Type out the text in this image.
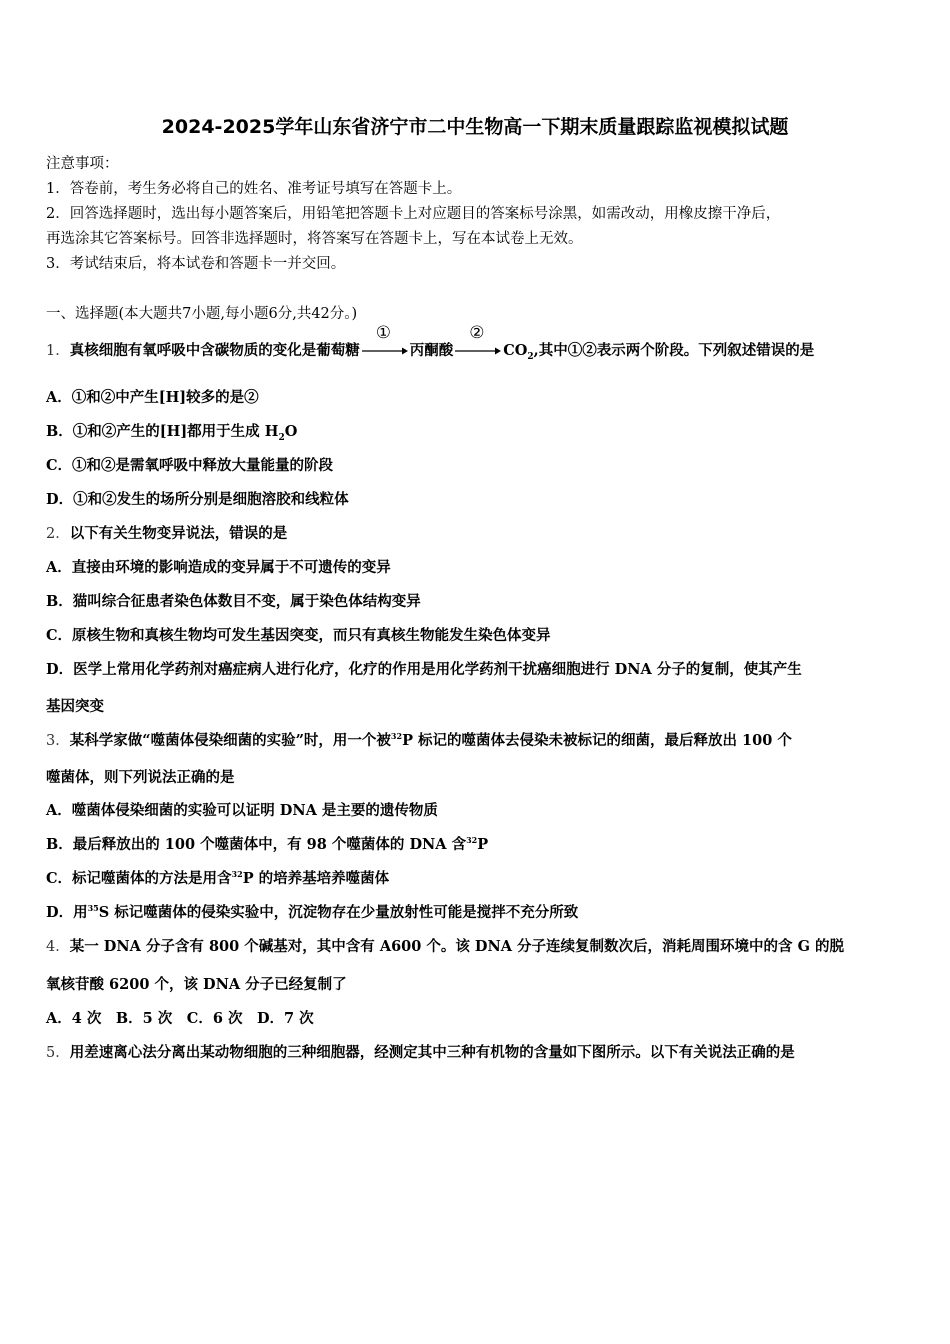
2024-2025学年山东省济宁市二中生物高一下期末质量跟踪监视模拟试题
注意事项：
1．答卷前，考生务必将自己的姓名、准考证号填写在答题卡上。
2．回答选择题时，选出每小题答案后，用铅笔把答题卡上对应题目的答案标号涂黑，如需改动，用橡皮擦干净后，
再选涂其它答案标号。回答非选择题时，将答案写在答题卡上，写在本试卷上无效。
3．考试结束后，将本试卷和答题卡一并交回。
一、选择题(本大题共7小题,每小题6分,共42分。)
1．真核细胞有氧呼吸中含碳物质的变化是葡萄糖
①
丙酮酸
②
$CO_2$,其中①②表示两个阶段。下列叙述错误的是
A．①和②中产生[H]较多的是②
B．①和②产生的[H]都用于生成 $H_2O$
C．①和②是需氧呼吸中释放大量能量的阶段
D．①和②发生的场所分别是细胞溶胶和线粒体
2．以下有关生物变异说法，错误的是
A．直接由环境的影响造成的变异属于不可遗传的变异
B．猫叫综合征患者染色体数目不变，属于染色体结构变异
C．原核生物和真核生物均可发生基因突变，而只有真核生物能发生染色体变异
D．医学上常用化学药剂对癌症病人进行化疗，化疗的作用是用化学药剂干扰癌细胞进行 DNA 分子的复制，使其产生
基因突变
3．某科学家做“噬菌体侵染细菌的实验”时，用一个被$^{32}$P 标记的噬菌体去侵染未被标记的细菌，最后释放出 100 个
噬菌体，则下列说法正确的是
A．噬菌体侵染细菌的实验可以证明 DNA 是主要的遗传物质
B．最后释放出的 100 个噬菌体中，有 98 个噬菌体的 DNA 含$^{32}$P
C．标记噬菌体的方法是用含$^{32}$P 的培养基培养噬菌体
D．用$^{35}$S 标记噬菌体的侵染实验中，沉淀物存在少量放射性可能是搅拌不充分所致
4．某一 DNA 分子含有 800 个碱基对，其中含有 A600 个。该 DNA 分子连续复制数次后，消耗周围环境中的含 G 的脱
氧核苷酸 6200 个，该 DNA 分子已经复制了
A．4 次　B．5 次　C．6 次　D．7 次
5．用差速离心法分离出某动物细胞的三种细胞器，经测定其中三种有机物的含量如下图所示。以下有关说法正确的是
